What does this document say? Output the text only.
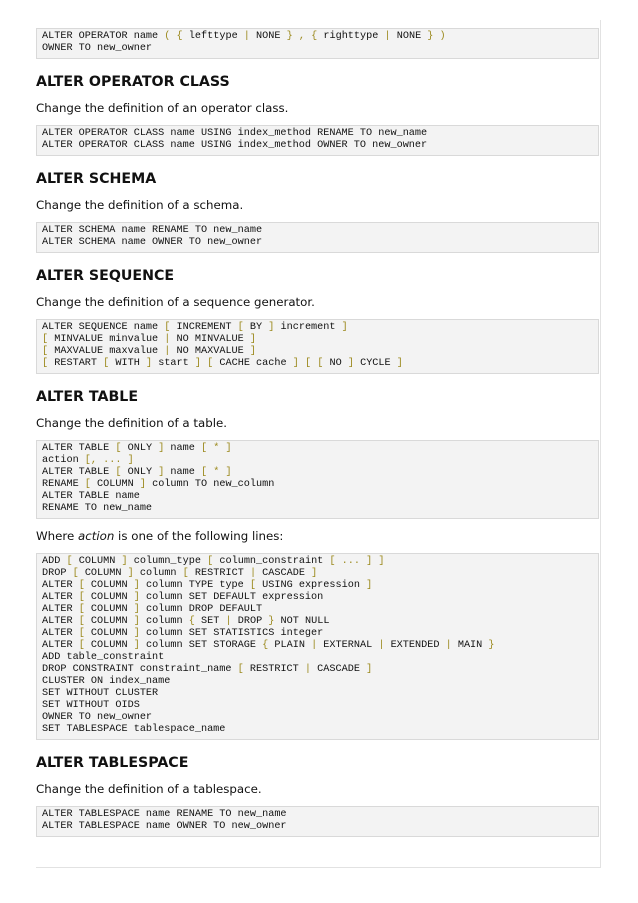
ALTER OPERATOR name ( { lefttype | NONE } , { righttype | NONE } )
OWNER TO new_owner
ALTER OPERATOR CLASS

Change the definition of an operator class.

ALTER OPERATOR CLASS name USING index_method RENAME TO new_name
ALTER OPERATOR CLASS name USING index_method OWNER TO new_owner
ALTER SCHEMA

Change the definition of a schema.

ALTER SCHEMA name RENAME TO new_name
ALTER SCHEMA name OWNER TO new_owner
ALTER SEQUENCE

Change the definition of a sequence generator.

ALTER SEQUENCE name [ INCREMENT [ BY ] increment ]
[ MINVALUE minvalue | NO MINVALUE ]
[ MAXVALUE maxvalue | NO MAXVALUE ]
[ RESTART [ WITH ] start ] [ CACHE cache ] [ [ NO ] CYCLE ]
ALTER TABLE

Change the definition of a table.

ALTER TABLE [ ONLY ] name [ * ]
action [, ... ]
ALTER TABLE [ ONLY ] name [ * ]
RENAME [ COLUMN ] column TO new_column
ALTER TABLE name
RENAME TO new_name

Where action is one of the following lines:

ADD [ COLUMN ] column_type [ column_constraint [ ... ] ]
DROP [ COLUMN ] column [ RESTRICT | CASCADE ]
ALTER [ COLUMN ] column TYPE type [ USING expression ]
ALTER [ COLUMN ] column SET DEFAULT expression
ALTER [ COLUMN ] column DROP DEFAULT
ALTER [ COLUMN ] column { SET | DROP } NOT NULL
ALTER [ COLUMN ] column SET STATISTICS integer
ALTER [ COLUMN ] column SET STORAGE { PLAIN | EXTERNAL | EXTENDED | MAIN }
ADD table_constraint
DROP CONSTRAINT constraint_name [ RESTRICT | CASCADE ]
CLUSTER ON index_name
SET WITHOUT CLUSTER
SET WITHOUT OIDS
OWNER TO new_owner
SET TABLESPACE tablespace_name
ALTER TABLESPACE

Change the definition of a tablespace.

ALTER TABLESPACE name RENAME TO new_name
ALTER TABLESPACE name OWNER TO new_owner
